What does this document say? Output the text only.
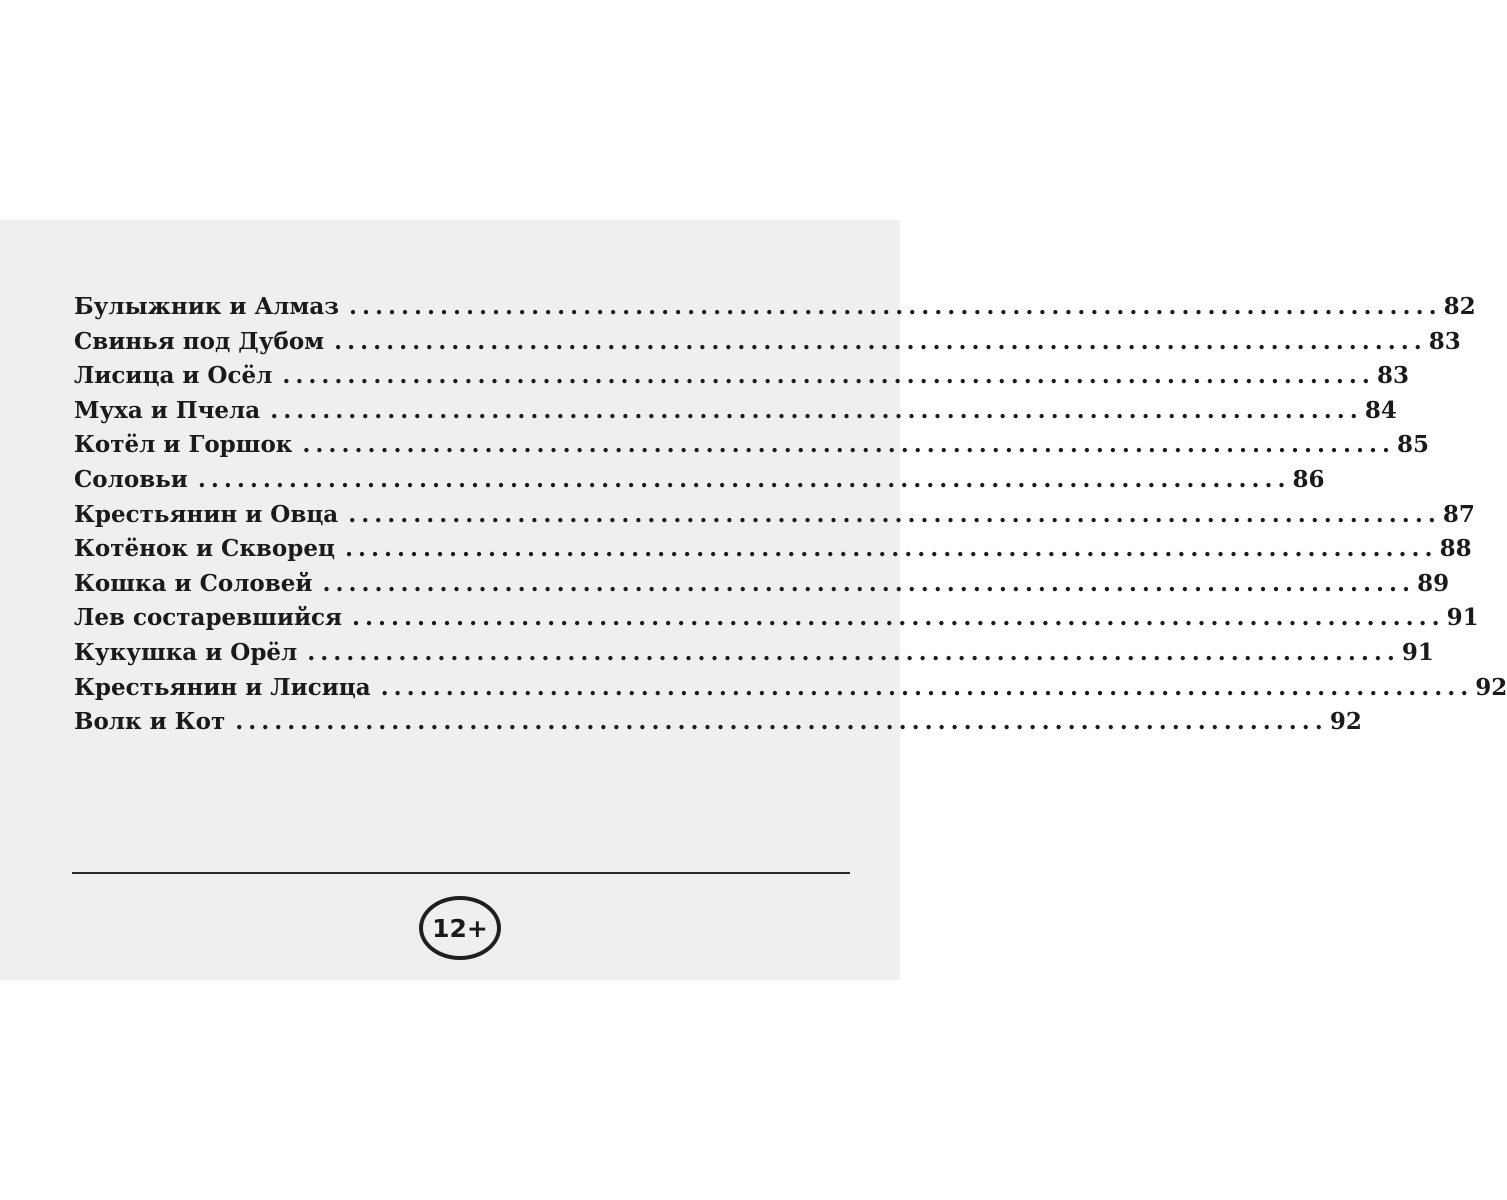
Булыжник и Алмаз .................................................................................... 82
Свинья под Дубом .................................................................................... 83
Лисица и Осёл .................................................................................... 83
Муха и Пчела .................................................................................... 84
Котёл и Горшок .................................................................................... 85
Соловьи .................................................................................... 86
Крестьянин и Овца .................................................................................... 87
Котёнок и Скворец .................................................................................... 88
Кошка и Соловей .................................................................................... 89
Лев состаревшийся .................................................................................... 91
Кукушка и Орёл .................................................................................... 91
Крестьянин и Лисица .................................................................................... 92
Волк и Кот .................................................................................... 92
12+
